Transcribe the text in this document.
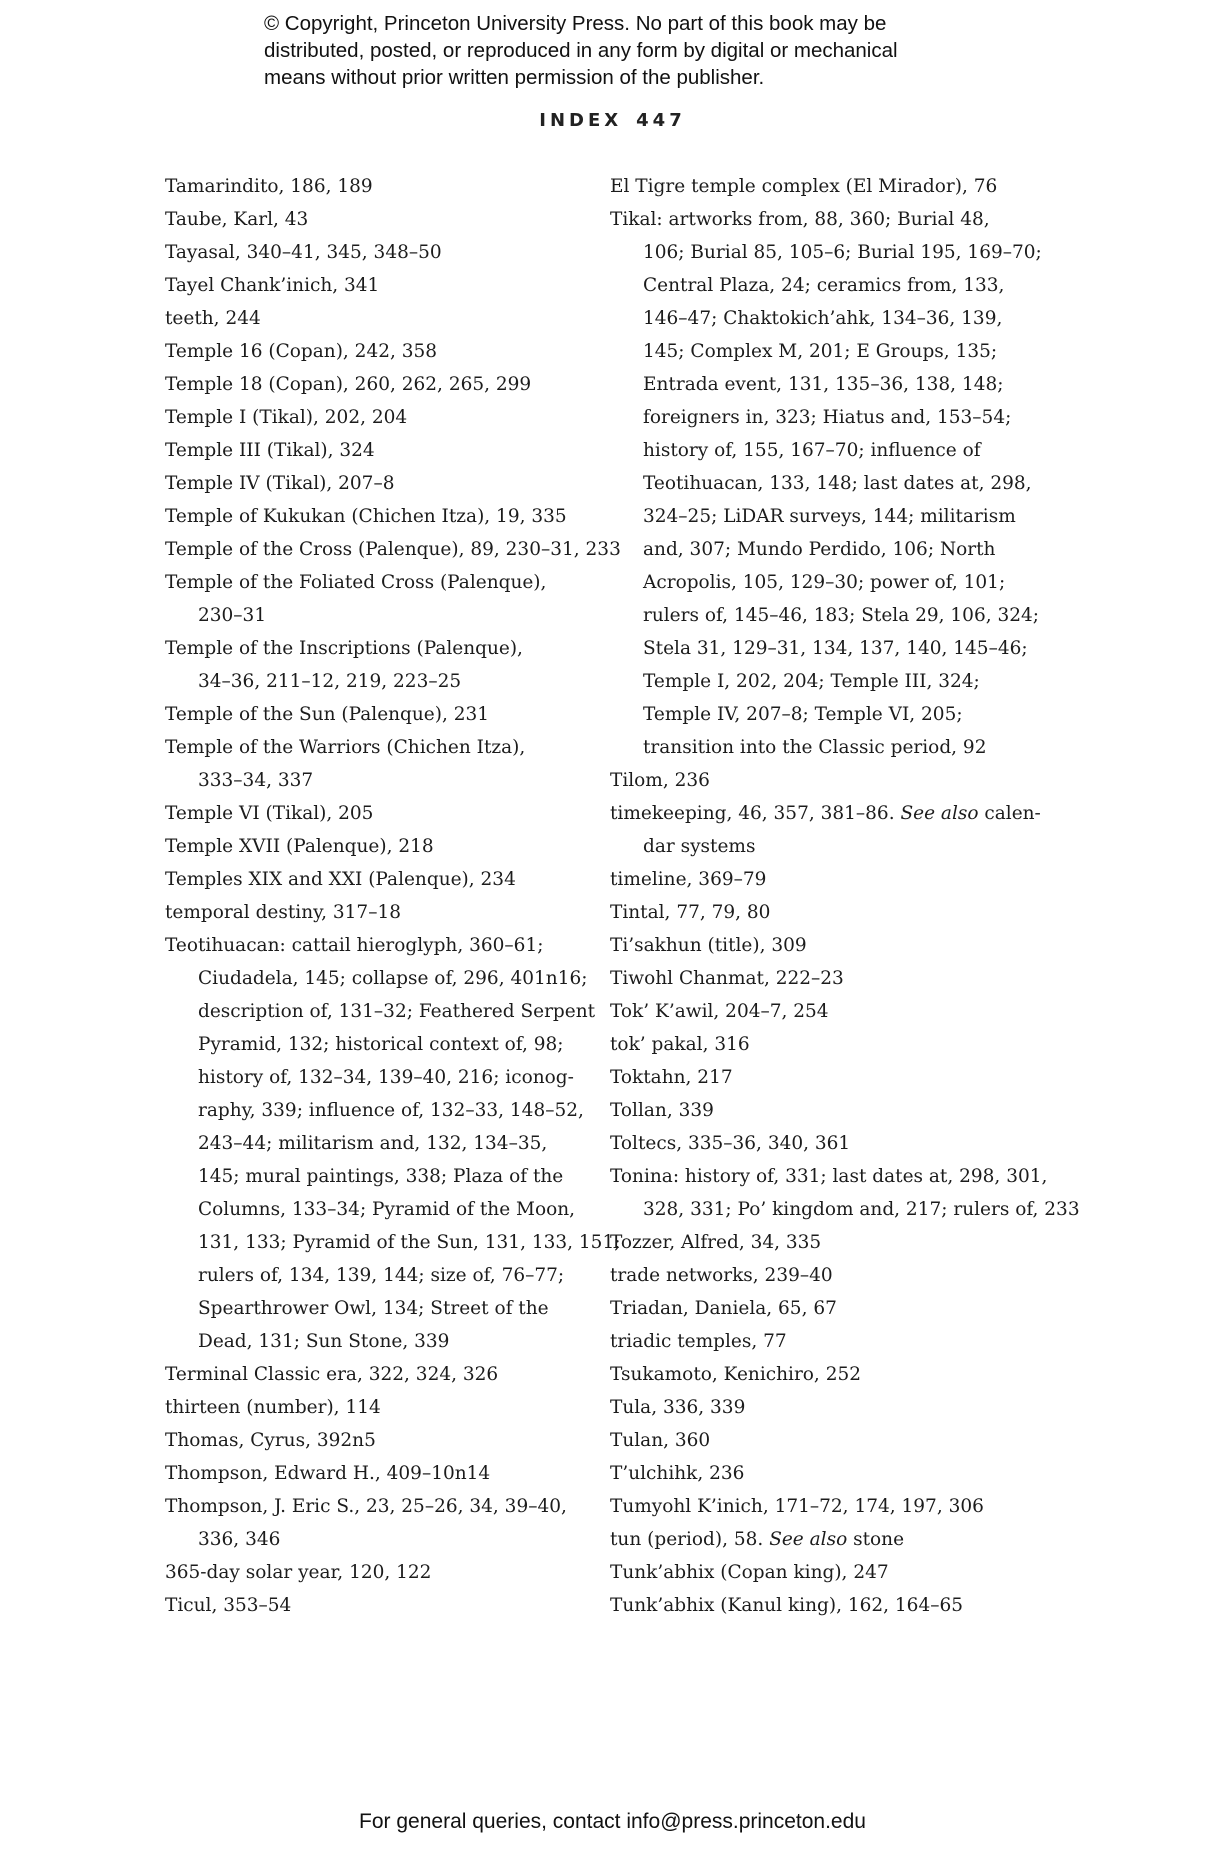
© Copyright, Princeton University Press. No part of this book may be
distributed, posted, or reproduced in any form by digital or mechanical
means without prior written permission of the publisher.
INDEX 447
Tamarindito, 186, 189
Taube, Karl, 43
Tayasal, 340–41, 345, 348–50
Tayel Chank’inich, 341
teeth, 244
Temple 16 (Copan), 242, 358
Temple 18 (Copan), 260, 262, 265, 299
Temple I (Tikal), 202, 204
Temple III (Tikal), 324
Temple IV (Tikal), 207–8
Temple of Kukukan (Chichen Itza), 19, 335
Temple of the Cross (Palenque), 89, 230–31, 233
Temple of the Foliated Cross (Palenque),
230–31
Temple of the Inscriptions (Palenque),
34–36, 211–12, 219, 223–25
Temple of the Sun (Palenque), 231
Temple of the Warriors (Chichen Itza),
333–34, 337
Temple VI (Tikal), 205
Temple XVII (Palenque), 218
Temples XIX and XXI (Palenque), 234
temporal destiny, 317–18
Teotihuacan: cattail hieroglyph, 360–61;
Ciudadela, 145; collapse of, 296, 401n16;
description of, 131–32; Feathered Serpent
Pyramid, 132; historical context of, 98;
history of, 132–34, 139–40, 216; iconog-
raphy, 339; influence of, 132–33, 148–52,
243–44; militarism and, 132, 134–35,
145; mural paintings, 338; Plaza of the
Columns, 133–34; Pyramid of the Moon,
131, 133; Pyramid of the Sun, 131, 133, 151;
rulers of, 134, 139, 144; size of, 76–77;
Spearthrower Owl, 134; Street of the
Dead, 131; Sun Stone, 339
Terminal Classic era, 322, 324, 326
thirteen (number), 114
Thomas, Cyrus, 392n5
Thompson, Edward H., 409–10n14
Thompson, J. Eric S., 23, 25–26, 34, 39–40,
336, 346
365-day solar year, 120, 122
Ticul, 353–54
El Tigre temple complex (El Mirador), 76
Tikal: artworks from, 88, 360; Burial 48,
106; Burial 85, 105–6; Burial 195, 169–70;
Central Plaza, 24; ceramics from, 133,
146–47; Chaktokich’ahk, 134–36, 139,
145; Complex M, 201; E Groups, 135;
Entrada event, 131, 135–36, 138, 148;
foreigners in, 323; Hiatus and, 153–54;
history of, 155, 167–70; influence of
Teotihuacan, 133, 148; last dates at, 298,
324–25; LiDAR surveys, 144; militarism
and, 307; Mundo Perdido, 106; North
Acropolis, 105, 129–30; power of, 101;
rulers of, 145–46, 183; Stela 29, 106, 324;
Stela 31, 129–31, 134, 137, 140, 145–46;
Temple I, 202, 204; Temple III, 324;
Temple IV, 207–8; Temple VI, 205;
transition into the Classic period, 92
Tilom, 236
timekeeping, 46, 357, 381–86. See also calen-
dar systems
timeline, 369–79
Tintal, 77, 79, 80
Ti’sakhun (title), 309
Tiwohl Chanmat, 222–23
Tok’ K’awil, 204–7, 254
tok’ pakal, 316
Toktahn, 217
Tollan, 339
Toltecs, 335–36, 340, 361
Tonina: history of, 331; last dates at, 298, 301,
328, 331; Po’ kingdom and, 217; rulers of, 233
Tozzer, Alfred, 34, 335
trade networks, 239–40
Triadan, Daniela, 65, 67
triadic temples, 77
Tsukamoto, Kenichiro, 252
Tula, 336, 339
Tulan, 360
T’ulchihk, 236
Tumyohl K’inich, 171–72, 174, 197, 306
tun (period), 58. See also stone
Tunk’abhix (Copan king), 247
Tunk’abhix (Kanul king), 162, 164–65
For general queries, contact info@press.princeton.edu
